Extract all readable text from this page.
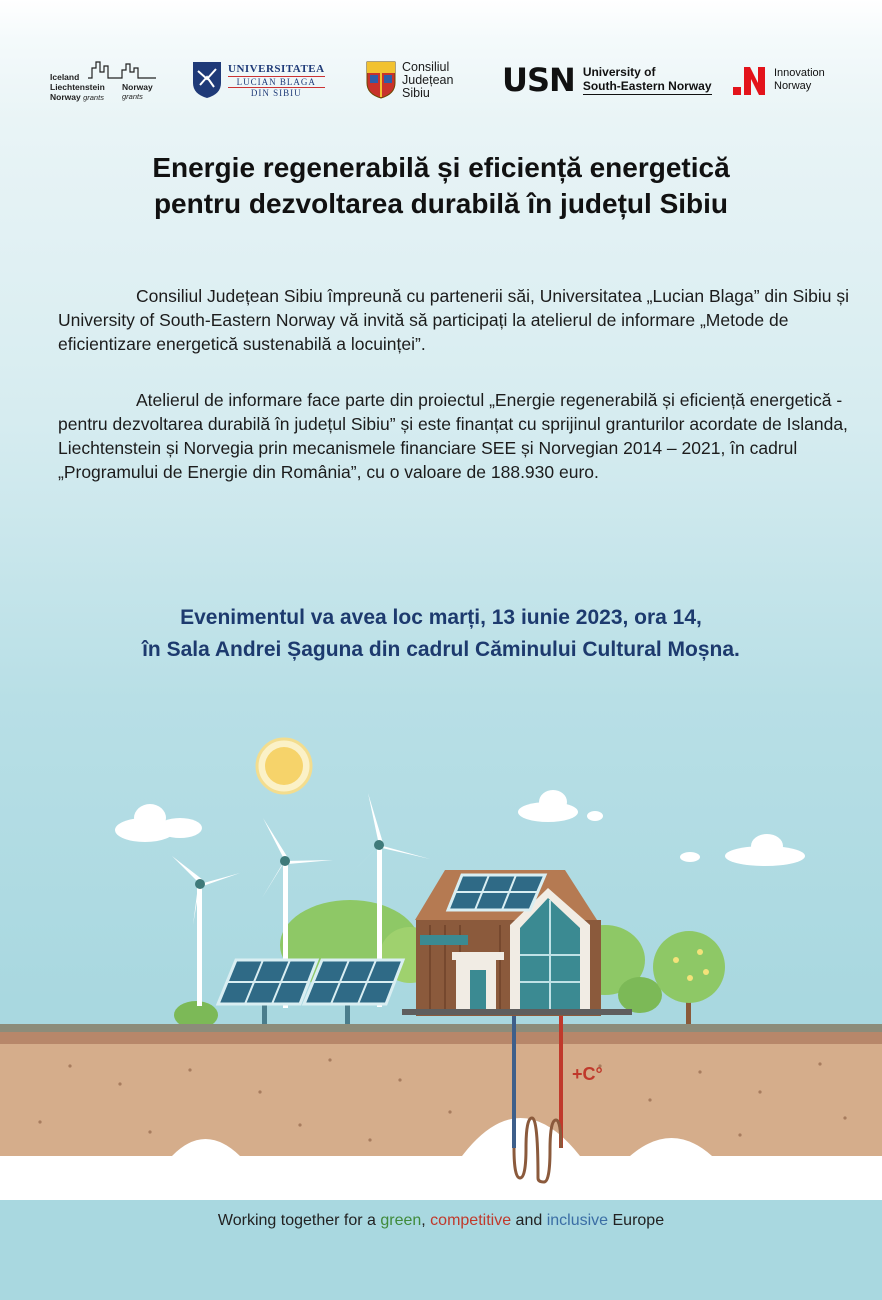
Iceland
Liechtenstein
Norway grants
Norway
grants
UNIVERSITATEA
LUCIAN BLAGA
DIN SIBIU
Consiliul
Județean
Sibiu	USN University of
South-Eastern Norway
Innovation
Norway
Energie regenerabilă și eficiență energetică
pentru dezvoltarea durabilă în județul Sibiu
Consiliul Județean Sibiu împreună cu partenerii săi, Universitatea „Lucian Blaga” din Sibiu și University of South-Eastern Norway vă invită să participați la atelierul de informare „Metode de eficientizare energetică sustenabilă a locuinței”.
Atelierul de informare face parte din proiectul „Energie regenerabilă și eficiență energetică - pentru dezvoltarea durabilă în județul Sibiu” și este finanțat cu sprijinul granturilor acordate de Islanda, Liechtenstein și Norvegia prin mecanismele financiare SEE și Norvegian 2014 – 2021, în cadrul „Programului de Energie din România”, cu o valoare de 188.930 euro.
Evenimentul va avea loc marți, 13 iunie 2023, ora 14,
în Sala Andrei Șaguna din cadrul Căminului Cultural Moșna.
+C°
Working together for a green, competitive and inclusive Europe
